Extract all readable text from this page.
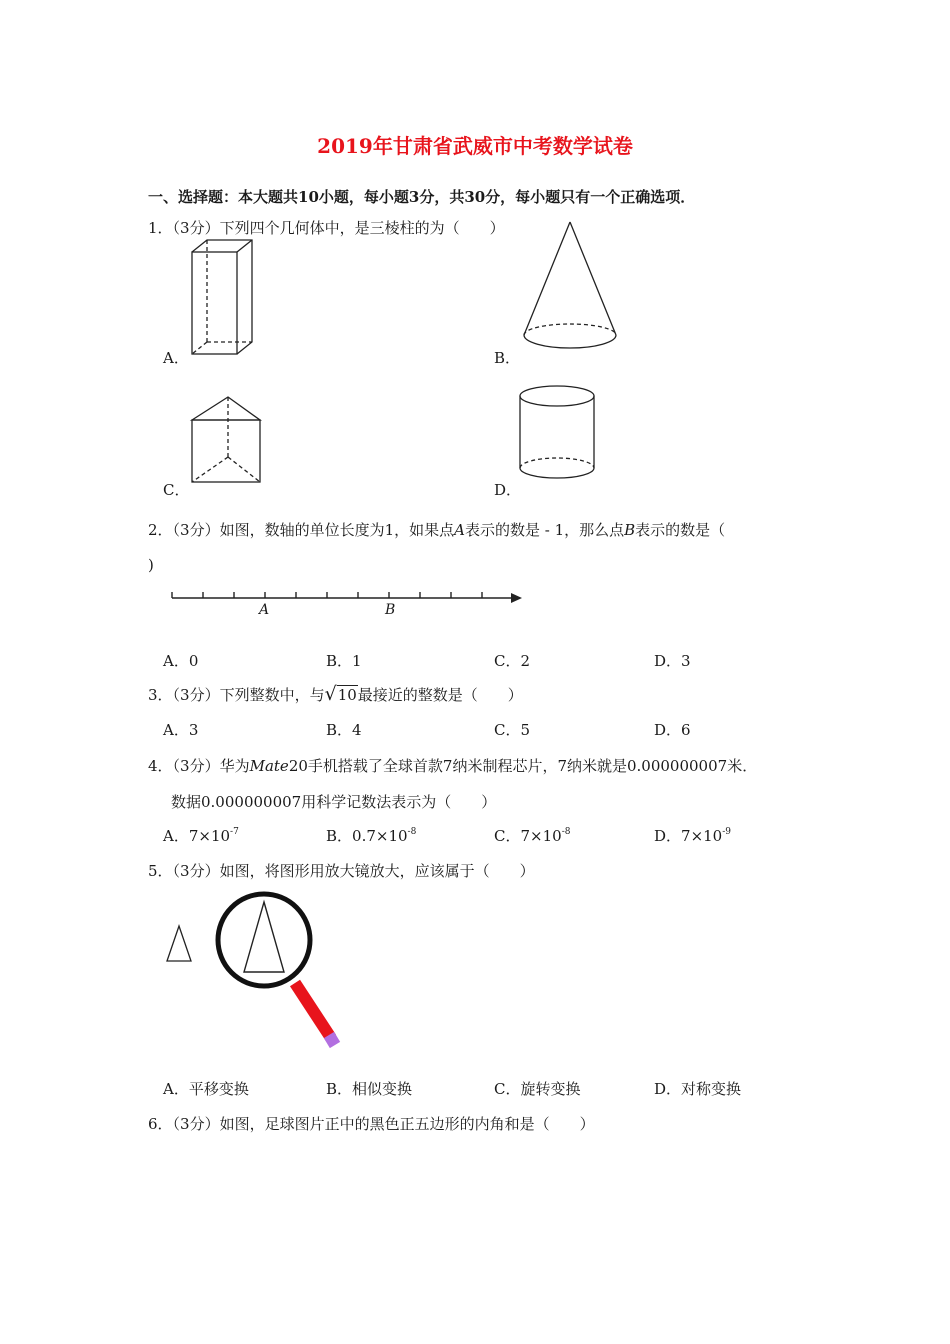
2019年甘肃省武威市中考数学试卷
一、选择题：本大题共10小题，每小题3分，共30分，每小题只有一个正确选项．
1．（3分）下列四个几何体中，是三棱柱的为（　　）
A．	B．
C．	D．
2．（3分）如图，数轴的单位长度为1，如果点A表示的数是 - 1，那么点B表示的数是（
)
A	B
A．0	B．1	C．2	D．3
3．（3分）下列整数中，与√10最接近的整数是（　　）
A．3	B．4	C．5	D．6
4．（3分）华为Mate20手机搭载了全球首款7纳米制程芯片，7纳米就是0.000000007米．
数据0.000000007用科学记数法表示为（　　）
A．$7\times 10^{-7}$	B．$0.7\times 10^{-8}$	C．$7\times 10^{-8}$	D．$7\times 10^{-9}$
5．（3分）如图，将图形用放大镜放大，应该属于（　　）
A．平移变换	B．相似变换	C．旋转变换	D．对称变换
6．（3分）如图，足球图片正中的黑色正五边形的内角和是（　　）
